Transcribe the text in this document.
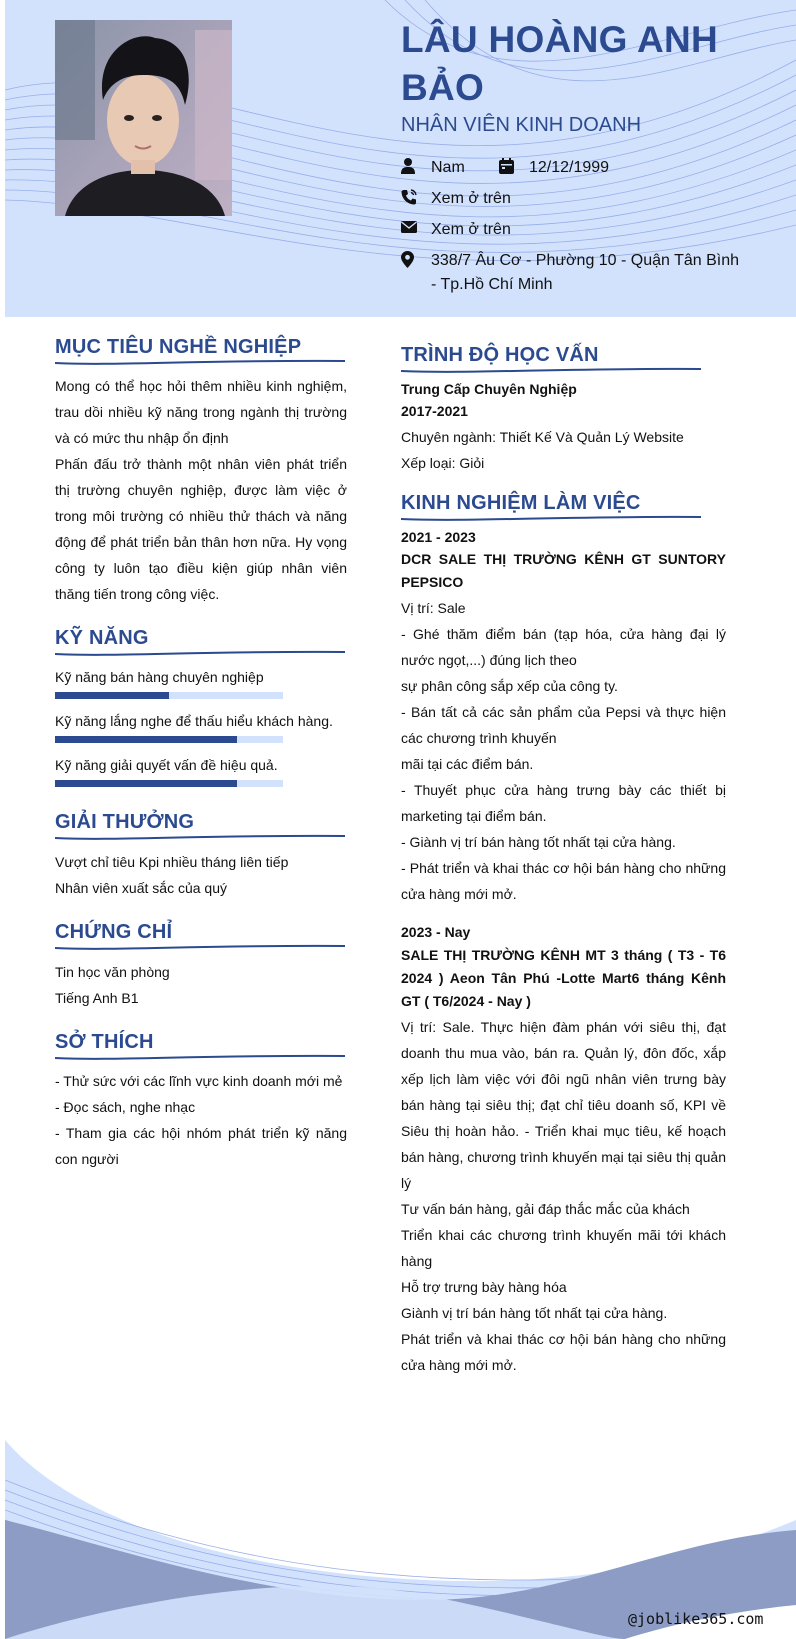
LÂU HOÀNG ANH BẢO
NHÂN VIÊN KINH DOANH
Nam	12/12/1999
Xem ở trên
Xem ở trên
338/7 Âu Cơ - Phường 10 - Quận Tân Bình - Tp.Hồ Chí Minh
MỤC TIÊU NGHỀ NGHIỆP
Mong có thể học hỏi thêm nhiều kinh nghiệm, trau dồi nhiều kỹ năng trong ngành thị trường và có mức thu nhập ổn định
Phấn đấu trở thành một nhân viên phát triển thị trường chuyên nghiệp, được làm việc ở trong môi trường có nhiều thử thách và năng động để phát triển bản thân hơn nữa. Hy vọng công ty luôn tạo điều kiện giúp nhân viên thăng tiến trong công việc.
KỸ NĂNG
Kỹ năng bán hàng chuyên nghiệp
Kỹ năng lắng nghe để thấu hiểu khách hàng.
Kỹ năng giải quyết vấn đề hiệu quả.
GIẢI THƯỞNG
Vượt chỉ tiêu Kpi nhiều tháng liên tiếp
Nhân viên xuất sắc của quý
CHỨNG CHỈ
Tin học văn phòng
Tiếng Anh B1
SỞ THÍCH
- Thử sức với các lĩnh vực kinh doanh mới mẻ
- Đọc sách, nghe nhạc
- Tham gia các hội nhóm phát triển kỹ năng con người
TRÌNH ĐỘ HỌC VẤN
Trung Cấp Chuyên Nghiệp
2017-2021
Chuyên ngành: Thiết Kế Và Quản Lý Website
Xếp loại: Giỏi
KINH NGHIỆM LÀM VIỆC
2021 - 2023
DCR SALE THỊ TRƯỜNG KÊNH GT SUNTORY PEPSICO
Vị trí: Sale
- Ghé thăm điểm bán (tạp hóa, cửa hàng đại lý nước ngọt,...) đúng lịch theo
sự phân công sắp xếp của công ty.
- Bán tất cả các sản phẩm của Pepsi và thực hiện các chương trình khuyến
mãi tại các điểm bán.
- Thuyết phục cửa hàng trưng bày các thiết bị marketing tại điểm bán.
- Giành vị trí bán hàng tốt nhất tại cửa hàng.
- Phát triển và khai thác cơ hội bán hàng cho những cửa hàng mới mở.
2023 - Nay
SALE THỊ TRƯỜNG KÊNH MT 3 tháng ( T3 - T6 2024 ) Aeon Tân Phú -Lotte Mart6 tháng Kênh GT ( T6/2024 - Nay )
Vị trí: Sale. Thực hiện đàm phán với siêu thị, đạt doanh thu mua vào, bán ra. Quản lý, đôn đốc, xắp xếp lịch làm việc với đôi ngũ nhân viên trưng bày bán hàng tại siêu thị; đạt chỉ tiêu doanh số, KPI về Siêu thị hoàn hảo. - Triển khai mục tiêu, kế hoạch bán hàng, chương trình khuyến mại tại siêu thị quản lý
Tư vấn bán hàng, gải đáp thắc mắc của khách
Triển khai các chương trình khuyến mãi tới khách hàng
Hỗ trợ trưng bày hàng hóa
Giành vị trí bán hàng tốt nhất tại cửa hàng.
Phát triển và khai thác cơ hội bán hàng cho những cửa hàng mới mở.
@joblike365.com
